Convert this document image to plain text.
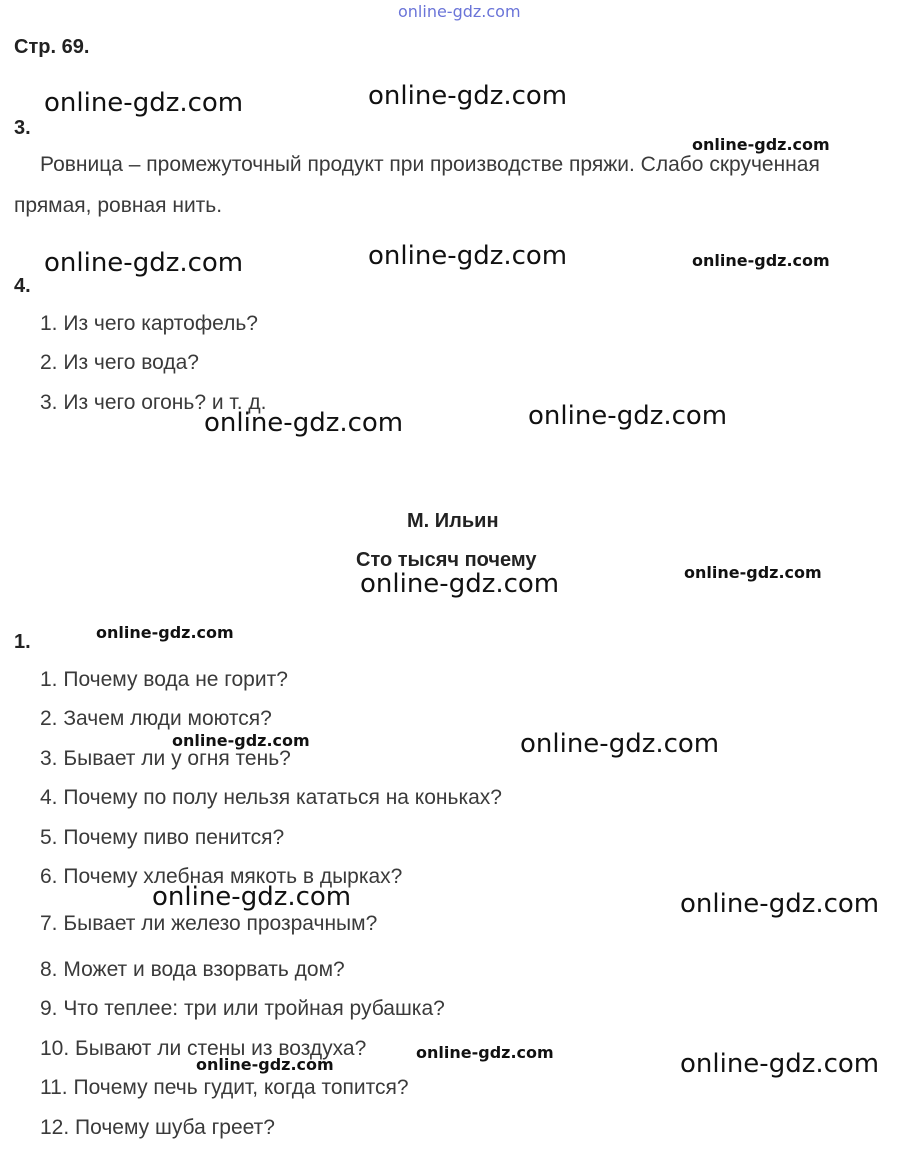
online-gdz.com
Стр. 69.
3.
Ровница – промежуточный продукт при производстве пряжи. Слабо скрученная
прямая, ровная нить.
4.
1. Из чего картофель?
2. Из чего вода?
3. Из чего огонь? и т. д.
М. Ильин
Сто тысяч почему
1.
1. Почему вода не горит?
2. Зачем люди моются?
3. Бывает ли у огня тень?
4. Почему по полу нельзя кататься на коньках?
5. Почему пиво пенится?
6. Почему хлебная мякоть в дырках?
7. Бывает ли железо прозрачным?
8. Может и вода взорвать дом?
9. Что теплее: три или тройная рубашка?
10. Бывают ли стены из воздуха?
11. Почему печь гудит, когда топится?
12. Почему шуба греет?
online-gdz.com	online-gdz.com
online-gdz.com	online-gdz.com
online-gdz.com	online-gdz.com
online-gdz.com
online-gdz.com
online-gdz.com	online-gdz.com
online-gdz.com
online-gdz.com
online-gdz.com
online-gdz.com
online-gdz.com
online-gdz.com
online-gdz.com
online-gdz.com
